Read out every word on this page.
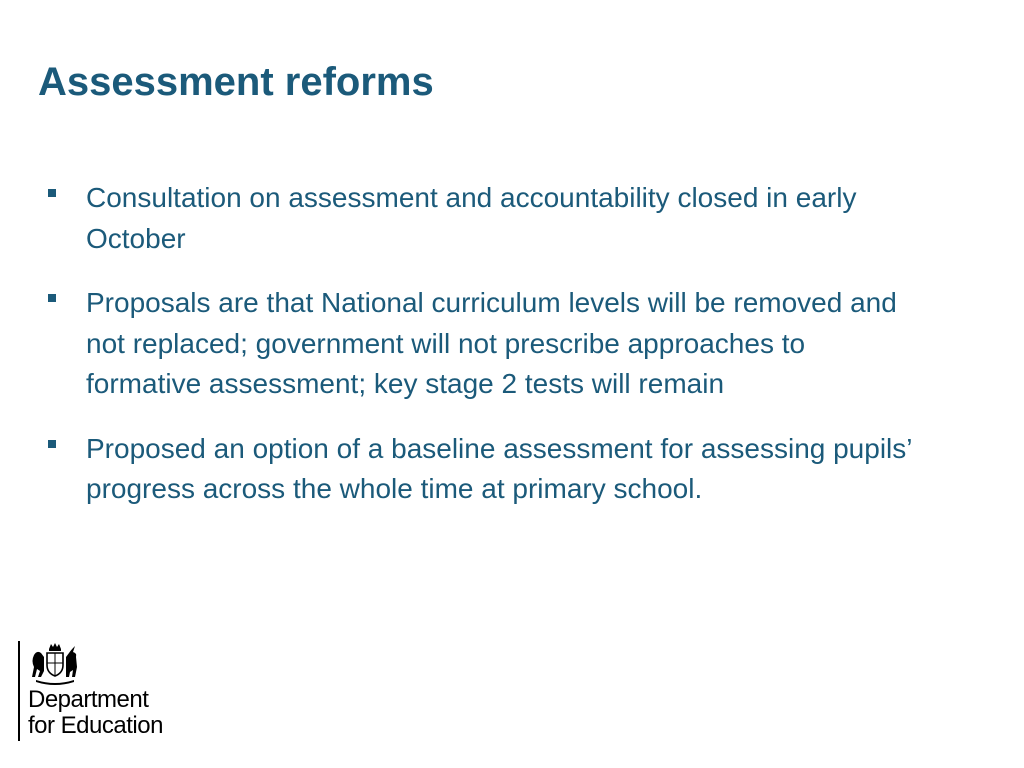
Assessment reforms
Consultation on assessment and accountability closed in early October
Proposals are that National curriculum levels will be removed and not replaced; government will not prescribe approaches to formative assessment; key stage 2 tests will remain
Proposed an option of a baseline assessment for assessing pupils’ progress across the whole time at primary school.
Department
for Education
